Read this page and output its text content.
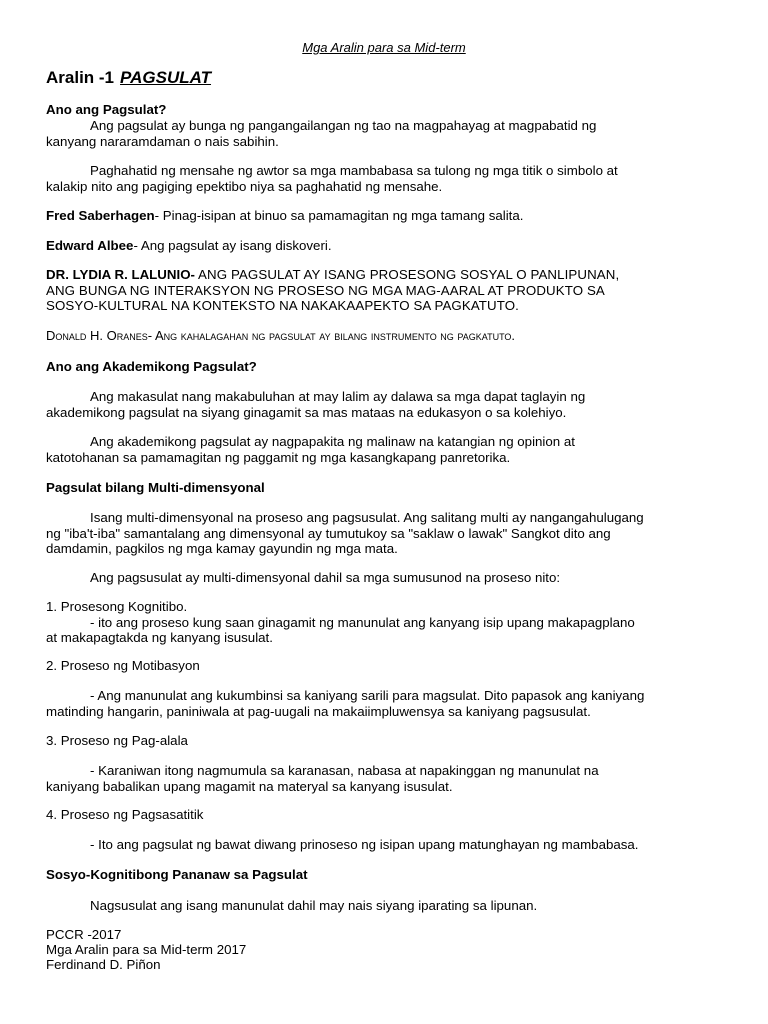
Mga Aralin para sa Mid-term
Aralin -1 PAGSULAT
Ano ang Pagsulat?
Ang pagsulat ay bunga ng pangangailangan ng tao na magpahayag at magpabatid ng
kanyang nararamdaman o nais sabihin.
Paghahatid ng mensahe ng awtor sa mga mambabasa sa tulong ng mga titik o simbolo at
kalakip nito ang pagiging epektibo niya sa paghahatid ng mensahe.
Fred Saberhagen- Pinag-isipan at binuo sa pamamagitan ng mga tamang salita.
Edward Albee- Ang pagsulat ay isang diskoveri.
DR. LYDIA R. LALUNIO- ANG PAGSULAT AY ISANG PROSESONG SOSYAL O PANLIPUNAN,
ANG BUNGA NG INTERAKSYON NG PROSESO NG MGA MAG-AARAL AT PRODUKTO SA
SOSYO-KULTURAL NA KONTEKSTO NA NAKAKAAPEKTO SA PAGKATUTO.
Donald H. Oranes- Ang kahalagahan ng pagsulat ay bilang instrumento ng pagkatuto.
Ano ang Akademikong Pagsulat?
Ang makasulat nang makabuluhan at may lalim ay dalawa sa mga dapat taglayin ng
akademikong pagsulat na siyang ginagamit sa mas mataas na edukasyon o sa kolehiyo.
Ang akademikong pagsulat ay nagpapakita ng malinaw na katangian ng opinion at
katotohanan sa pamamagitan ng paggamit ng mga kasangkapang panretorika.
Pagsulat bilang Multi-dimensyonal
Isang multi-dimensyonal na proseso ang pagsusulat. Ang salitang multi ay nangangahulugang
ng "iba't-iba" samantalang ang dimensyonal ay tumutukoy sa "saklaw o lawak" Sangkot dito ang
damdamin, pagkilos ng mga kamay gayundin ng mga mata.
Ang pagsusulat ay multi-dimensyonal dahil sa mga sumusunod na proseso nito:
1. Prosesong Kognitibo.
- ito ang proseso kung saan ginagamit ng manunulat ang kanyang isip upang makapagplano
at makapagtakda ng kanyang isusulat.
2. Proseso ng Motibasyon
- Ang manunulat ang kukumbinsi sa kaniyang sarili para magsulat. Dito papasok ang kaniyang
matinding hangarin, paniniwala at pag-uugali na makaiimpluwensya sa kaniyang pagsusulat.
3. Proseso ng Pag-alala
- Karaniwan itong nagmumula sa karanasan, nabasa at napakinggan ng manunulat na
kaniyang babalikan upang magamit na materyal sa kanyang isusulat.
4. Proseso ng Pagsasatitik
- Ito ang pagsulat ng bawat diwang prinoseso ng isipan upang matunghayan ng mambabasa.
Sosyo-Kognitibong Pananaw sa Pagsulat
Nagsusulat ang isang manunulat dahil may nais siyang iparating sa lipunan.
PCCR -2017
Mga Aralin para sa Mid-term 2017
Ferdinand D. Piñon
